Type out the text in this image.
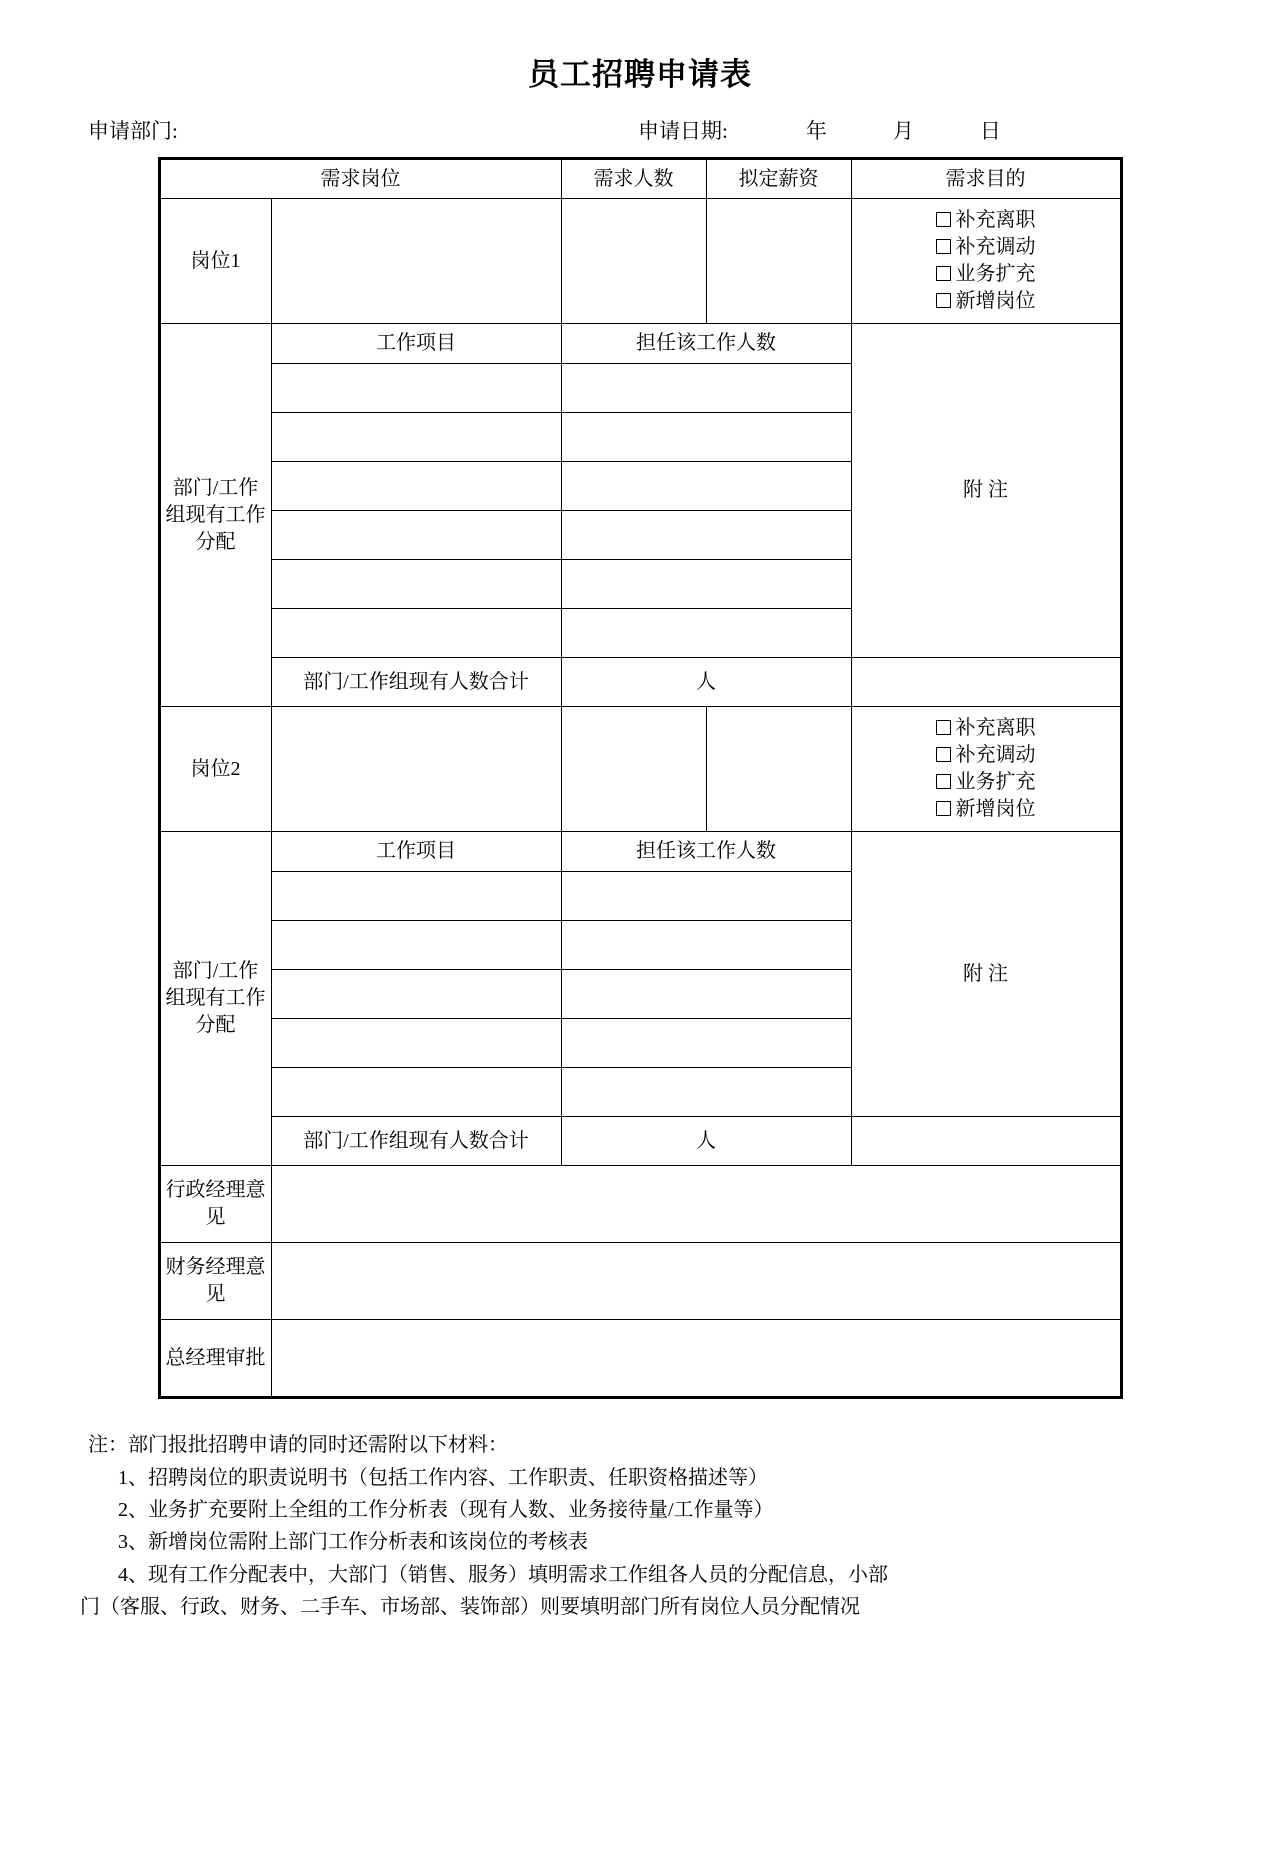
员工招聘申请表
申请部门:	申请日期:	年	月	日
需求岗位		需求人数	拟定薪资	需求目的
岗位1				补充离职
补充调动
业务扩充
新增岗位

部门/工作组现有工作分配	工作项目	担任该工作人数		附 注

	部门/工作组现有人数合计	人		
岗位2				补充离职
补充调动
业务扩充
新增岗位

部门/工作组现有工作分配	工作项目	担任该工作人数		附 注

	部门/工作组现有人数合计	人		
行政经理意见				
财务经理意见				
总经理审批				
注：部门报批招聘申请的同时还需附以下材料：
1、招聘岗位的职责说明书（包括工作内容、工作职责、任职资格描述等）
2、业务扩充要附上全组的工作分析表（现有人数、业务接待量/工作量等）
3、新增岗位需附上部门工作分析表和该岗位的考核表
4、现有工作分配表中，大部门（销售、服务）填明需求工作组各人员的分配信息，小部
门（客服、行政、财务、二手车、市场部、装饰部）则要填明部门所有岗位人员分配情况
